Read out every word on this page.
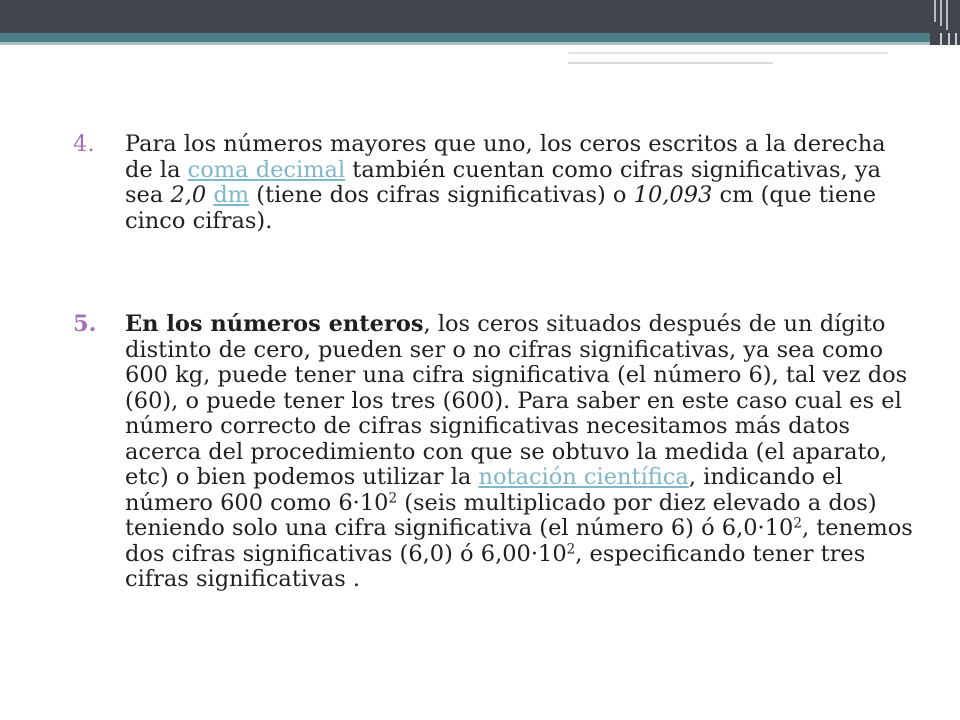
4. Para los números mayores que uno, los ceros escritos a la derecha de la coma decimal también cuentan como cifras significativas, ya sea 2,0 dm (tiene dos cifras significativas) o 10,093 cm (que tiene cinco cifras).
5. En los números enteros, los ceros situados después de un dígito distinto de cero, pueden ser o no cifras significativas, ya sea como 600 kg, puede tener una cifra significativa (el número 6), tal vez dos (60), o puede tener los tres (600). Para saber en este caso cual es el número correcto de cifras significativas necesitamos más datos acerca del procedimiento con que se obtuvo la medida (el aparato, etc) o bien podemos utilizar la notación científica, indicando el número 600 como $6\cdot 10^2$ (seis multiplicado por diez elevado a dos) teniendo solo una cifra significativa (el número 6) ó $6,0\cdot 10^2$, tenemos dos cifras significativas (6,0) ó $6,00\cdot 10^2$, especificando tener tres cifras significativas .
